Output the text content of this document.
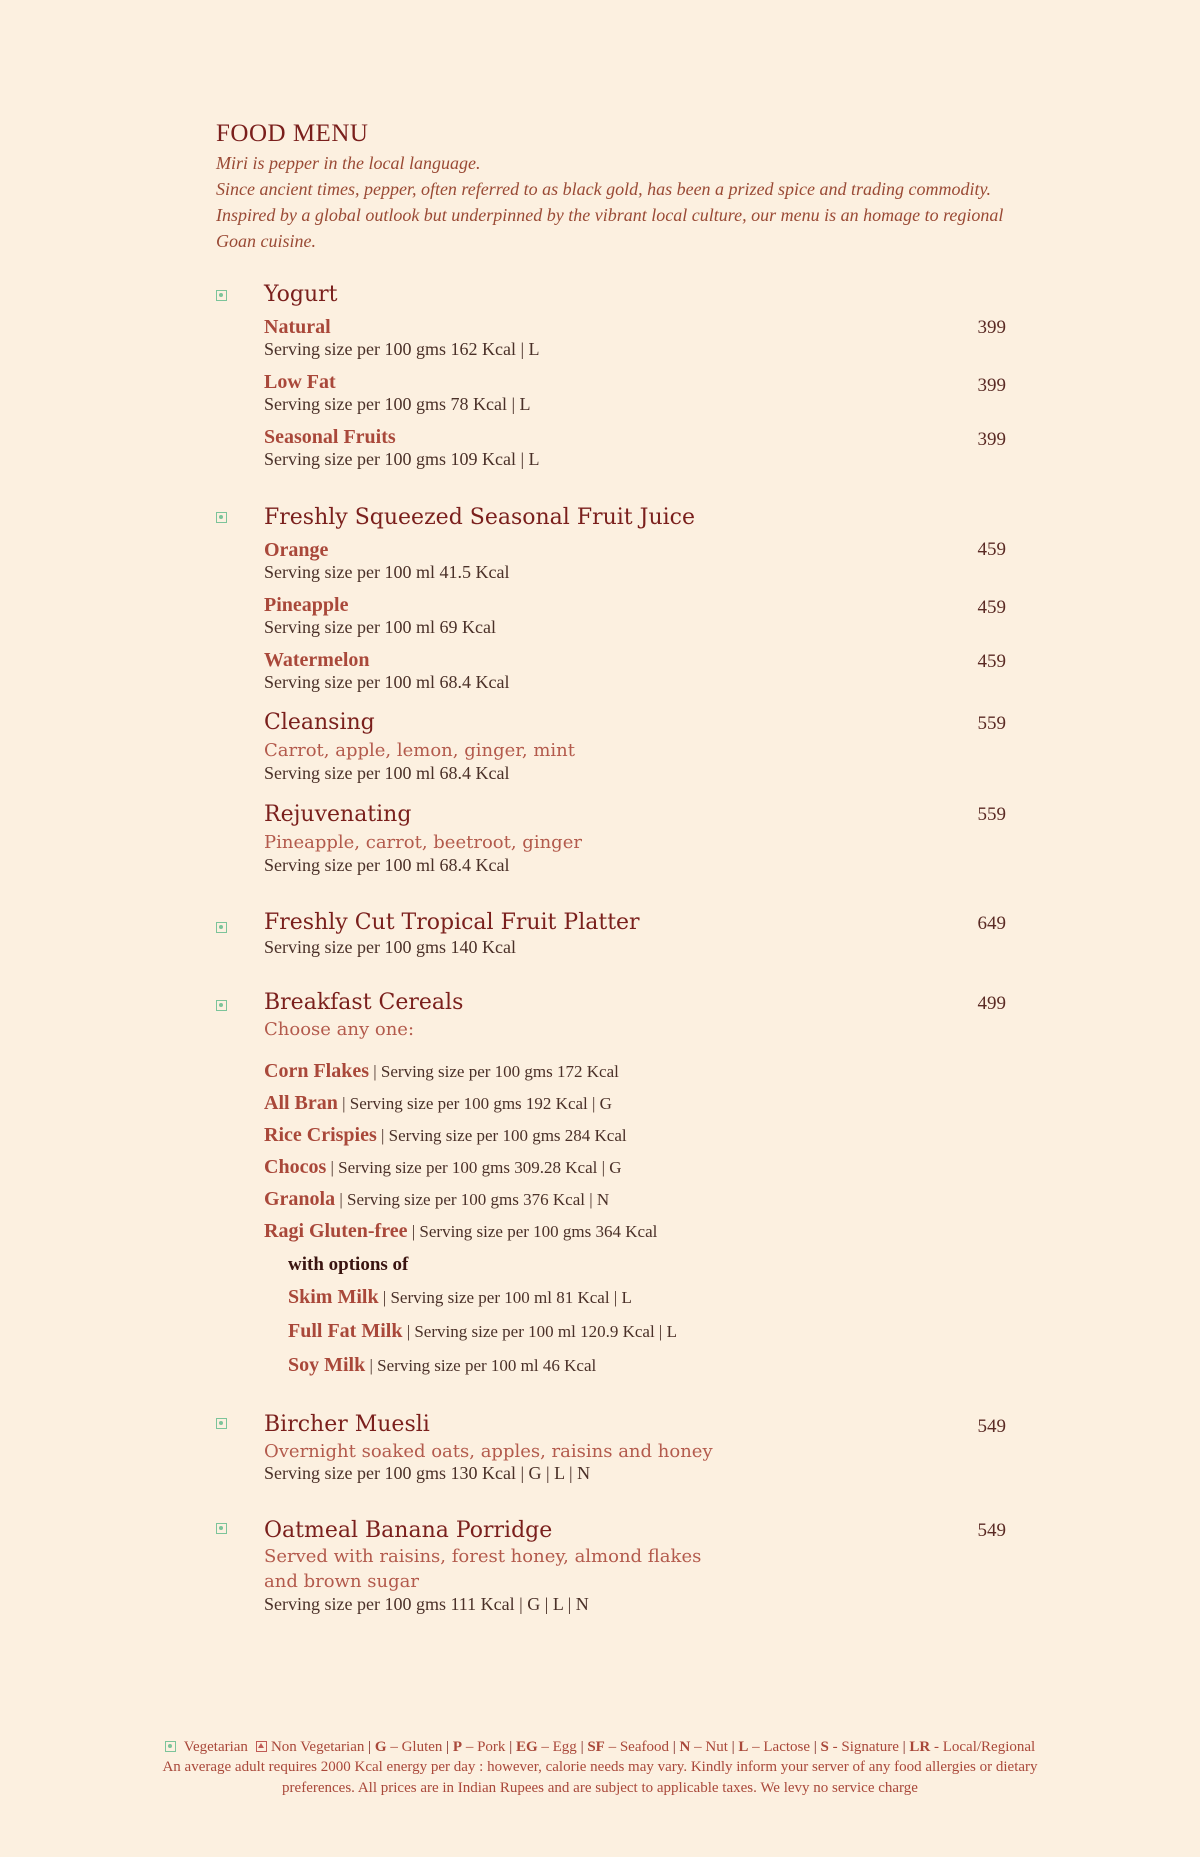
FOOD MENU
Miri is pepper in the local language.
Since ancient times, pepper, often referred to as black gold, has been a prized spice and trading commodity. Inspired by a global outlook but underpinned by the vibrant local culture, our menu is an homage to regional Goan cuisine.
Yogurt
Natural	399
Serving size per 100 gms 162 Kcal | L
Low Fat	399
Serving size per 100 gms 78 Kcal | L
Seasonal Fruits	399
Serving size per 100 gms 109 Kcal | L
Freshly Squeezed Seasonal Fruit Juice
Orange	459
Serving size per 100 ml 41.5 Kcal
Pineapple	459
Serving size per 100 ml 69 Kcal
Watermelon	459
Serving size per 100 ml 68.4 Kcal
Cleansing	559
Carrot, apple, lemon, ginger, mint
Serving size per 100 ml 68.4 Kcal
Rejuvenating	559
Pineapple, carrot, beetroot, ginger
Serving size per 100 ml 68.4 Kcal
Freshly Cut Tropical Fruit Platter	649
Serving size per 100 gms 140 Kcal
Breakfast Cereals	499
Choose any one:
Corn Flakes | Serving size per 100 gms 172 Kcal
All Bran | Serving size per 100 gms 192 Kcal | G
Rice Crispies | Serving size per 100 gms 284 Kcal
Chocos | Serving size per 100 gms 309.28 Kcal | G
Granola | Serving size per 100 gms 376 Kcal | N
Ragi Gluten-free | Serving size per 100 gms 364 Kcal
with options of
Skim Milk | Serving size per 100 ml 81 Kcal | L
Full Fat Milk | Serving size per 100 ml 120.9 Kcal | L
Soy Milk | Serving size per 100 ml 46 Kcal
Bircher Muesli	549
Overnight soaked oats, apples, raisins and honey
Serving size per 100 gms 130 Kcal | G | L | N
Oatmeal Banana Porridge	549
Served with raisins, forest honey, almond flakes
and brown sugar
Serving size per 100 gms 111 Kcal | G | L | N
Vegetarian Non Vegetarian | G – Gluten | P – Pork | EG – Egg | SF – Seafood | N – Nut | L – Lactose | S - Signature | LR - Local/Regional
An average adult requires 2000 Kcal energy per day : however, calorie needs may vary. Kindly inform your server of any food allergies or dietary
preferences. All prices are in Indian Rupees and are subject to applicable taxes. We levy no service charge
